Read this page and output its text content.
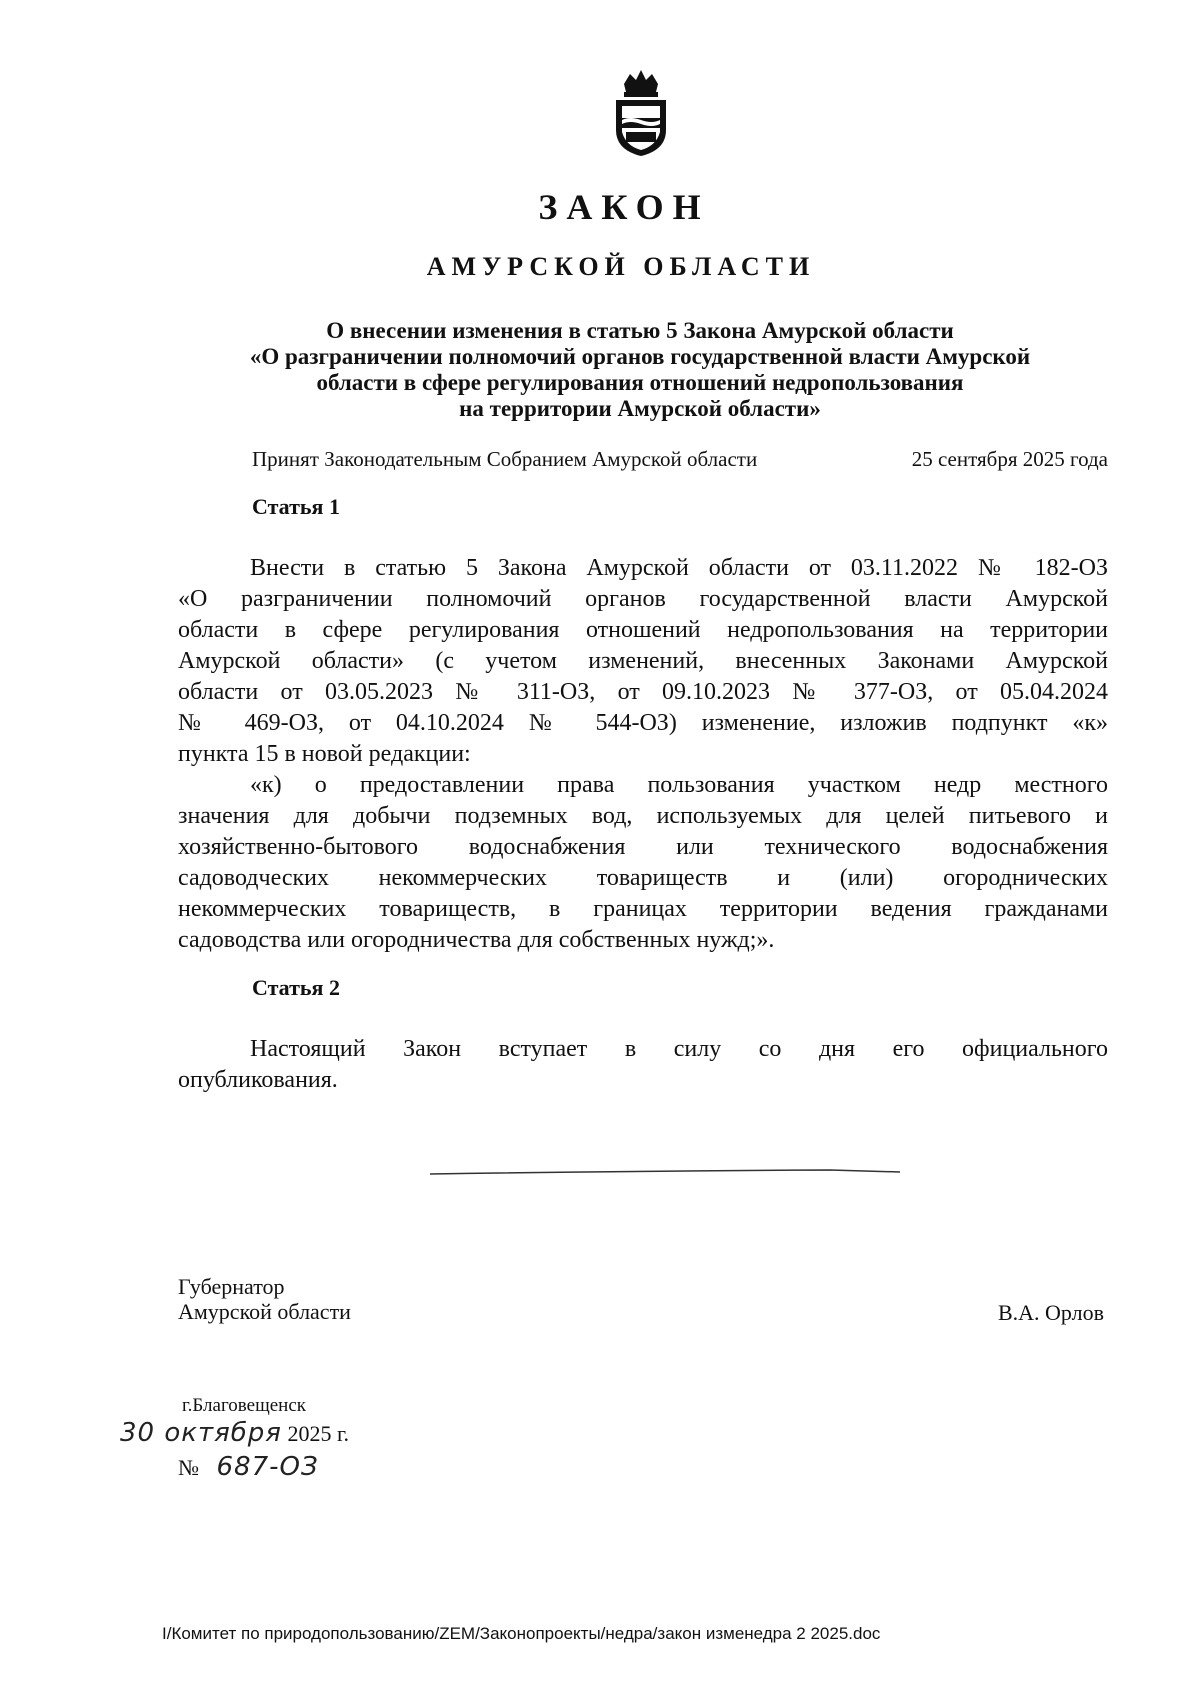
ЗАКОН
АМУРСКОЙ ОБЛАСТИ
О внесении изменения в статью 5 Закона Амурской области
«О разграничении полномочий органов государственной власти Амурской
области в сфере регулирования отношений недропользования
на территории Амурской области»
Принят Законодательным Собранием Амурской области	25 сентября 2025 года
Статья 1
Внести в статью 5 Закона Амурской области от 03.11.2022 № 182-ОЗ
«О разграничении полномочий органов государственной власти Амурской
области в сфере регулирования отношений недропользования на территории
Амурской области» (с учетом изменений, внесенных Законами Амурской
области от 03.05.2023 № 311-ОЗ, от 09.10.2023 № 377-ОЗ, от 05.04.2024
№ 469-ОЗ, от 04.10.2024 № 544-ОЗ) изменение, изложив подпункт «к»
пункта 15 в новой редакции:
«к) о предоставлении права пользования участком недр местного
значения для добычи подземных вод, используемых для целей питьевого и
хозяйственно-бытового водоснабжения или технического водоснабжения
садоводческих некоммерческих товариществ и (или) огороднических
некоммерческих товариществ, в границах территории ведения гражданами
садоводства или огородничества для собственных нужд;».
Статья 2
Настоящий Закон вступает в силу со дня его официального
опубликования.
Губернатор
Амурской области	В.А. Орлов
г.Благовещенск
30 октября 2025 г.
№ 687-ОЗ
I/Комитет по природопользованию/ZEM/Законопроекты/недра/закон изменедра 2 2025.doc
